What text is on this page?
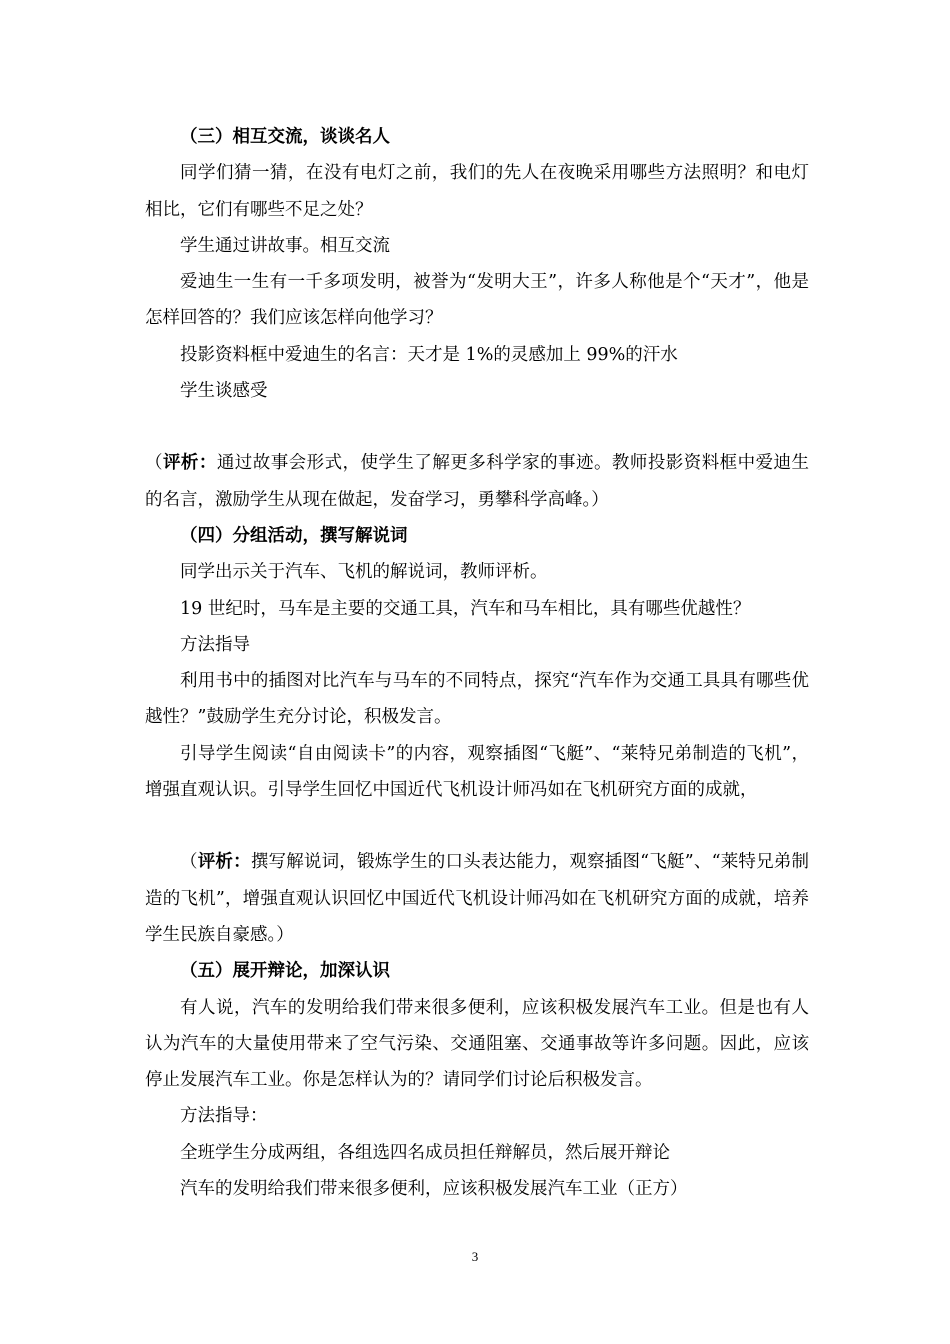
（三）相互交流，谈谈名人

同学们猜一猜，在没有电灯之前，我们的先人在夜晚采用哪些方法照明？和电灯相比，它们有哪些不足之处？

学生通过讲故事。相互交流

爱迪生一生有一千多项发明，被誉为“发明大王”，许多人称他是个“天才”，他是怎样回答的？我们应该怎样向他学习？

投影资料框中爱迪生的名言：天才是 1%的灵感加上 99%的汗水

学生谈感受

（评析：通过故事会形式，使学生了解更多科学家的事迹。教师投影资料框中爱迪生的名言，激励学生从现在做起，发奋学习，勇攀科学高峰。）

（四）分组活动，撰写解说词

同学出示关于汽车、飞机的解说词，教师评析。

19 世纪时，马车是主要的交通工具，汽车和马车相比，具有哪些优越性？

方法指导

利用书中的插图对比汽车与马车的不同特点，探究“汽车作为交通工具具有哪些优越性？”鼓励学生充分讨论，积极发言。

引导学生阅读“自由阅读卡”的内容，观察插图“飞艇”、“莱特兄弟制造的飞机”，增强直观认识。引导学生回忆中国近代飞机设计师冯如在飞机研究方面的成就，

（评析：撰写解说词，锻炼学生的口头表达能力，观察插图“飞艇”、“莱特兄弟制造的飞机”，增强直观认识回忆中国近代飞机设计师冯如在飞机研究方面的成就，培养学生民族自豪感。）

（五）展开辩论，加深认识

有人说，汽车的发明给我们带来很多便利，应该积极发展汽车工业。但是也有人认为汽车的大量使用带来了空气污染、交通阻塞、交通事故等许多问题。因此，应该停止发展汽车工业。你是怎样认为的？请同学们讨论后积极发言。

方法指导：

全班学生分成两组，各组选四名成员担任辩解员，然后展开辩论

汽车的发明给我们带来很多便利，应该积极发展汽车工业（正方）

3
